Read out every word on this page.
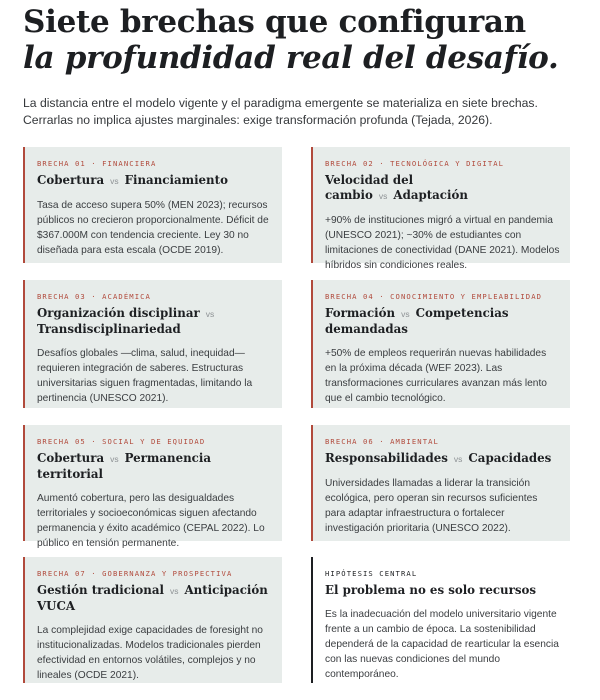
Siete brechas que configuran
la profundidad real del desafío.

La distancia entre el modelo vigente y el paradigma emergente se materializa en siete brechas. Cerrarlas no implica ajustes marginales: exige transformación profunda (Tejada, 2026).

BRECHA 01 · FINANCIERA
Cobertura vs Financiamiento
Tasa de acceso supera 50% (MEN 2023); recursos públicos no crecieron proporcionalmente. Déficit de $367.000M con tendencia creciente. Ley 30 no diseñada para esta escala (OCDE 2019).
BRECHA 02 · TECNOLÓGICA Y DIGITAL
Velocidad del cambio vs Adaptación
+90% de instituciones migró a virtual en pandemia (UNESCO 2021); ~30% de estudiantes con limitaciones de conectividad (DANE 2021). Modelos híbridos sin condiciones reales.
BRECHA 03 · ACADÉMICA
Organización disciplinar vs
Transdisciplinariedad
Desafíos globales —clima, salud, inequidad— requieren integración de saberes. Estructuras universitarias siguen fragmentadas, limitando la pertinencia (UNESCO 2021).
BRECHA 04 · CONOCIMIENTO Y EMPLEABILIDAD
Formación vs Competencias demandadas
+50% de empleos requerirán nuevas habilidades en la próxima década (WEF 2023). Las transformaciones curriculares avanzan más lento que el cambio tecnológico.
BRECHA 05 · SOCIAL Y DE EQUIDAD
Cobertura vs Permanencia territorial
Aumentó cobertura, pero las desigualdades territoriales y socioeconómicas siguen afectando permanencia y éxito académico (CEPAL 2022). Lo público en tensión permanente.
BRECHA 06 · AMBIENTAL
Responsabilidades vs Capacidades
Universidades llamadas a liderar la transición ecológica, pero operan sin recursos suficientes para adaptar infraestructura o fortalecer investigación prioritaria (UNESCO 2022).
BRECHA 07 · GOBERNANZA Y PROSPECTIVA
Gestión tradicional vs Anticipación VUCA
La complejidad exige capacidades de foresight no institucionalizadas. Modelos tradicionales pierden efectividad en entornos volátiles, complejos y no lineales (OCDE 2021).
HIPÓTESIS CENTRAL
El problema no es solo recursos
Es la inadecuación del modelo universitario vigente frente a un cambio de época. La sostenibilidad dependerá de la capacidad de rearticular la esencia con las nuevas condiciones del mundo contemporáneo.
